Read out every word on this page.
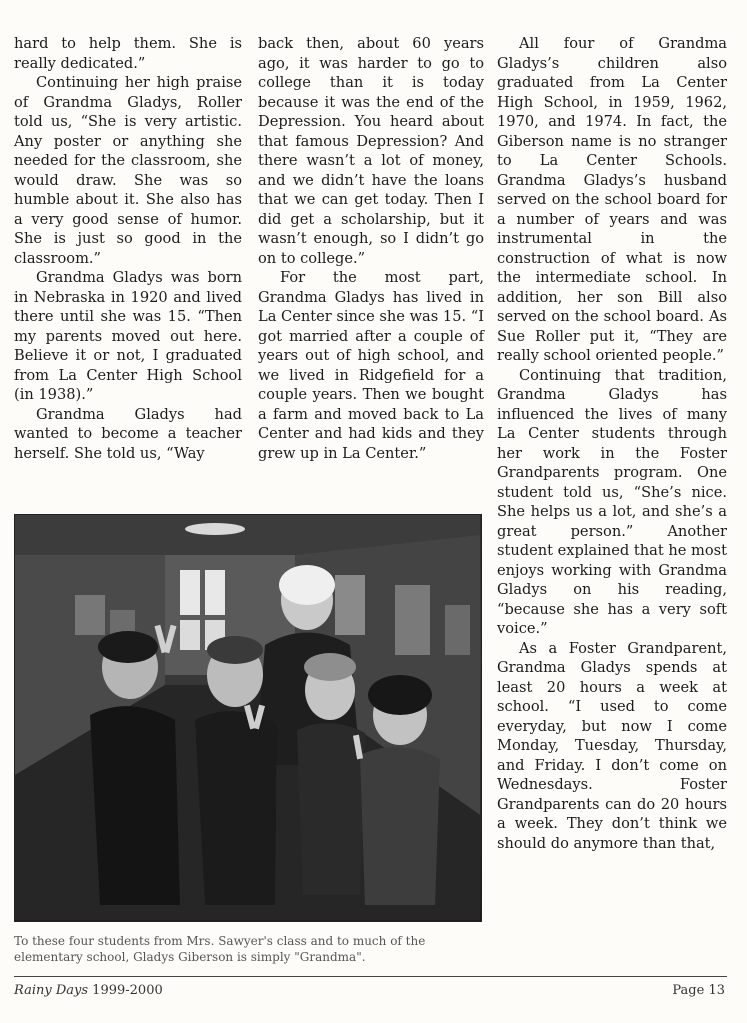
hard to help them. She is really dedicated.”

Continuing her high praise of Grandma Gladys, Roller told us, “She is very artistic. Any poster or anything she needed for the classroom, she would draw. She was so humble about it. She also has a very good sense of humor. She is just so good in the classroom.”

Grandma Gladys was born in Nebraska in 1920 and lived there until she was 15. “Then my parents moved out here. Believe it or not, I graduated from La Center High School (in 1938).”

Grandma Gladys had wanted to become a teacher herself. She told us, “Way

back then, about 60 years ago, it was harder to go to college than it is today because it was the end of the Depression. You heard about that famous Depression? And there wasn’t a lot of money, and we didn’t have the loans that we can get today. Then I did get a scholarship, but it wasn’t enough, so I didn’t go on to college.”

For the most part, Grandma Gladys has lived in La Center since she was 15. “I got married after a couple of years out of high school, and we lived in Ridgefield for a couple years. Then we bought a farm and moved back to La Center and had kids and they grew up in La Center.”

All four of Grandma Gladys’s children also graduated from La Center High School, in 1959, 1962, 1970, and 1974. In fact, the Giberson name is no stranger to La Center Schools. Grandma Gladys’s husband served on the school board for a number of years and was instrumental in the construction of what is now the intermediate school. In addition, her son Bill also served on the school board. As Sue Roller put it, “They are really school oriented people.”

Continuing that tradition, Grandma Gladys has influenced the lives of many La Center students through her work in the Foster Grandparents program. One student told us, “She’s nice. She helps us a lot, and she’s a great person.” Another student explained that he most enjoys working with Grandma Gladys on his reading, “because she has a very soft voice.”

As a Foster Grandparent, Grandma Gladys spends at least 20 hours a week at school. “I used to come everyday, but now I come Monday, Tuesday, Thursday, and Friday. I don’t come on Wednesdays. Foster Grandparents can do 20 hours a week. They don’t think we should do anymore than that,

To these four students from Mrs. Sawyer's class and to much of the elementary school, Gladys Giberson is simply "Grandma".
Rainy Days 1999-2000	Page 13
